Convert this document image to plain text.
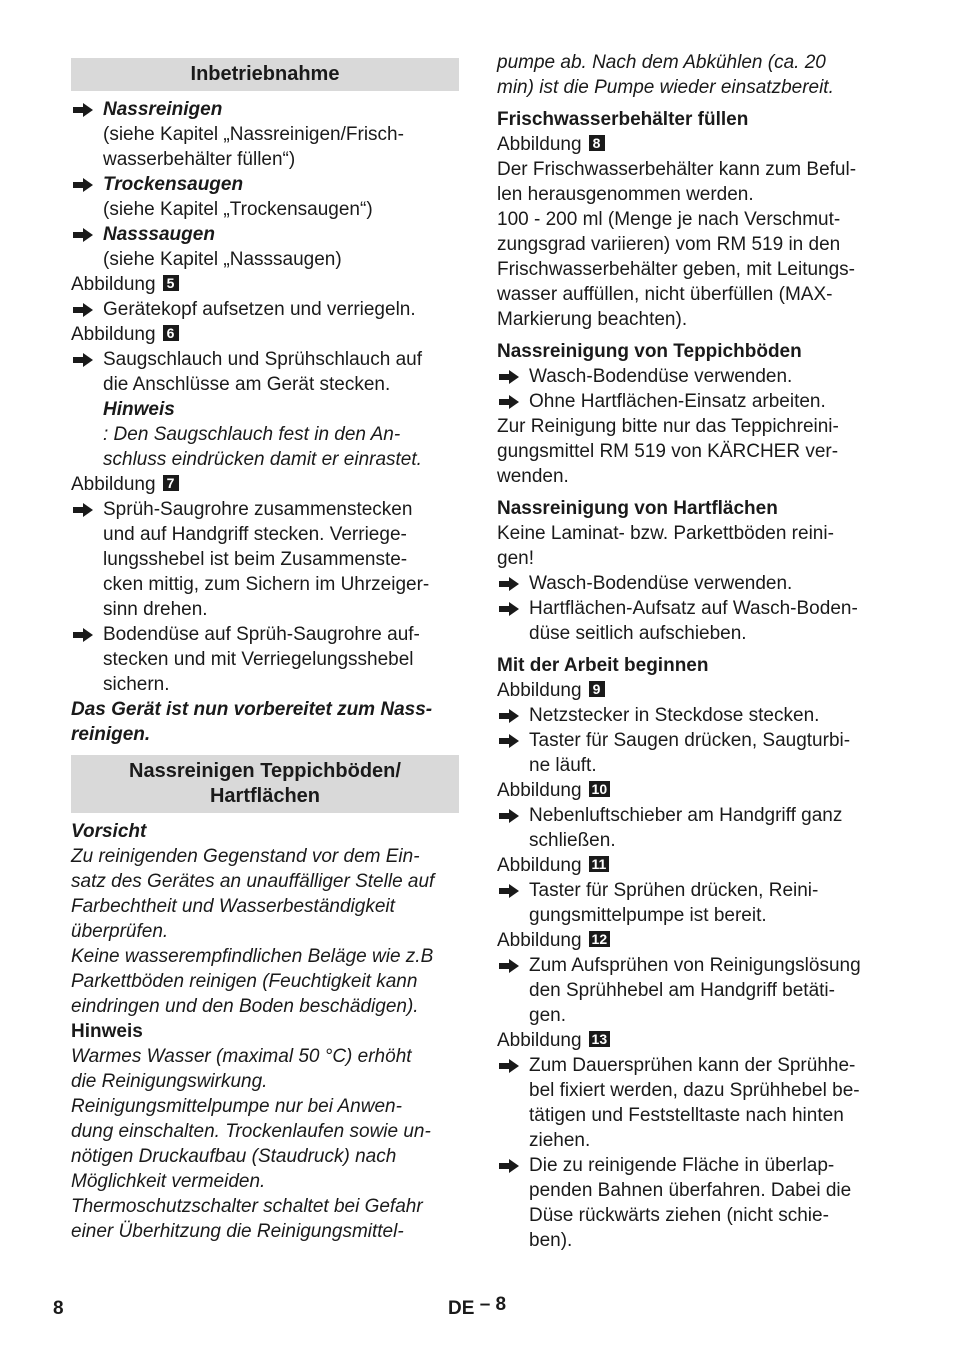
Inbetriebnahme
Nassreinigen
(siehe Kapitel „Nassreinigen/Frisch-
wasserbehälter füllen“)
Trockensaugen
(siehe Kapitel „Trockensaugen“)
Nasssaugen
(siehe Kapitel „Nasssaugen)
Abbildung 5
Gerätekopf aufsetzen und verriegeln.
Abbildung 6
Saugschlauch und Sprühschlauch auf
die Anschlüsse am Gerät stecken.
Hinweis
: Den Saugschlauch fest in den An-
schluss eindrücken damit er einrastet.
Abbildung 7
Sprüh-Saugrohre zusammenstecken
und auf Handgriff stecken. Verriege-
lungsshebel ist beim Zusammenste-
cken mittig, zum Sichern im Uhrzeiger-
sinn drehen.
Bodendüse auf Sprüh-Saugrohre auf-
stecken und mit Verriegelungsshebel
sichern.
Das Gerät ist nun vorbereitet zum Nass-
reinigen.
Nassreinigen Teppichböden/
Hartflächen
Vorsicht
Zu reinigenden Gegenstand vor dem Ein-
satz des Gerätes an unauffälliger Stelle auf
Farbechtheit und Wasserbeständigkeit
überprüfen.
Keine wasserempfindlichen Beläge wie z.B
Parkettböden reinigen (Feuchtigkeit kann
eindringen und den Boden beschädigen).
Hinweis
Warmes Wasser (maximal 50 °C) erhöht
die Reinigungswirkung.
Reinigungsmittelpumpe nur bei Anwen-
dung einschalten. Trockenlaufen sowie un-
nötigen Druckaufbau (Staudruck) nach
Möglichkeit vermeiden.
Thermoschutzschalter schaltet bei Gefahr
einer Überhitzung die Reinigungsmittel-
pumpe ab. Nach dem Abkühlen (ca. 20
min) ist die Pumpe wieder einsatzbereit.
Frischwasserbehälter füllen
Abbildung 8
Der Frischwasserbehälter kann zum Beful-
len herausgenommen werden.
100 - 200 ml (Menge je nach Verschmut-
zungsgrad variieren) vom RM 519 in den
Frischwasserbehälter geben, mit Leitungs-
wasser auffüllen, nicht überfüllen (MAX-
Markierung beachten).
Nassreinigung von Teppichböden
Wasch-Bodendüse verwenden.
Ohne Hartflächen-Einsatz arbeiten.
Zur Reinigung bitte nur das Teppichreini-
gungsmittel RM 519 von KÄRCHER ver-
wenden.
Nassreinigung von Hartflächen
Keine Laminat- bzw. Parkettböden reini-
gen!
Wasch-Bodendüse verwenden.
Hartflächen-Aufsatz auf Wasch-Boden-
düse seitlich aufschieben.
Mit der Arbeit beginnen
Abbildung 9
Netzstecker in Steckdose stecken.
Taster für Saugen drücken, Saugturbi-
ne läuft.
Abbildung 10
Nebenluftschieber am Handgriff ganz
schließen.
Abbildung 11
Taster für Sprühen drücken, Reini-
gungsmittelpumpe ist bereit.
Abbildung 12
Zum Aufsprühen von Reinigungslösung
den Sprühhebel am Handgriff betäti-
gen.
Abbildung 13
Zum Dauersprühen kann der Sprühhe-
bel fixiert werden, dazu Sprühhebel be-
tätigen und Feststelltaste nach hinten
ziehen.
Die zu reinigende Fläche in überlap-
penden Bahnen überfahren. Dabei die
Düse rückwärts ziehen (nicht schie-
ben).
8	DE – 8
